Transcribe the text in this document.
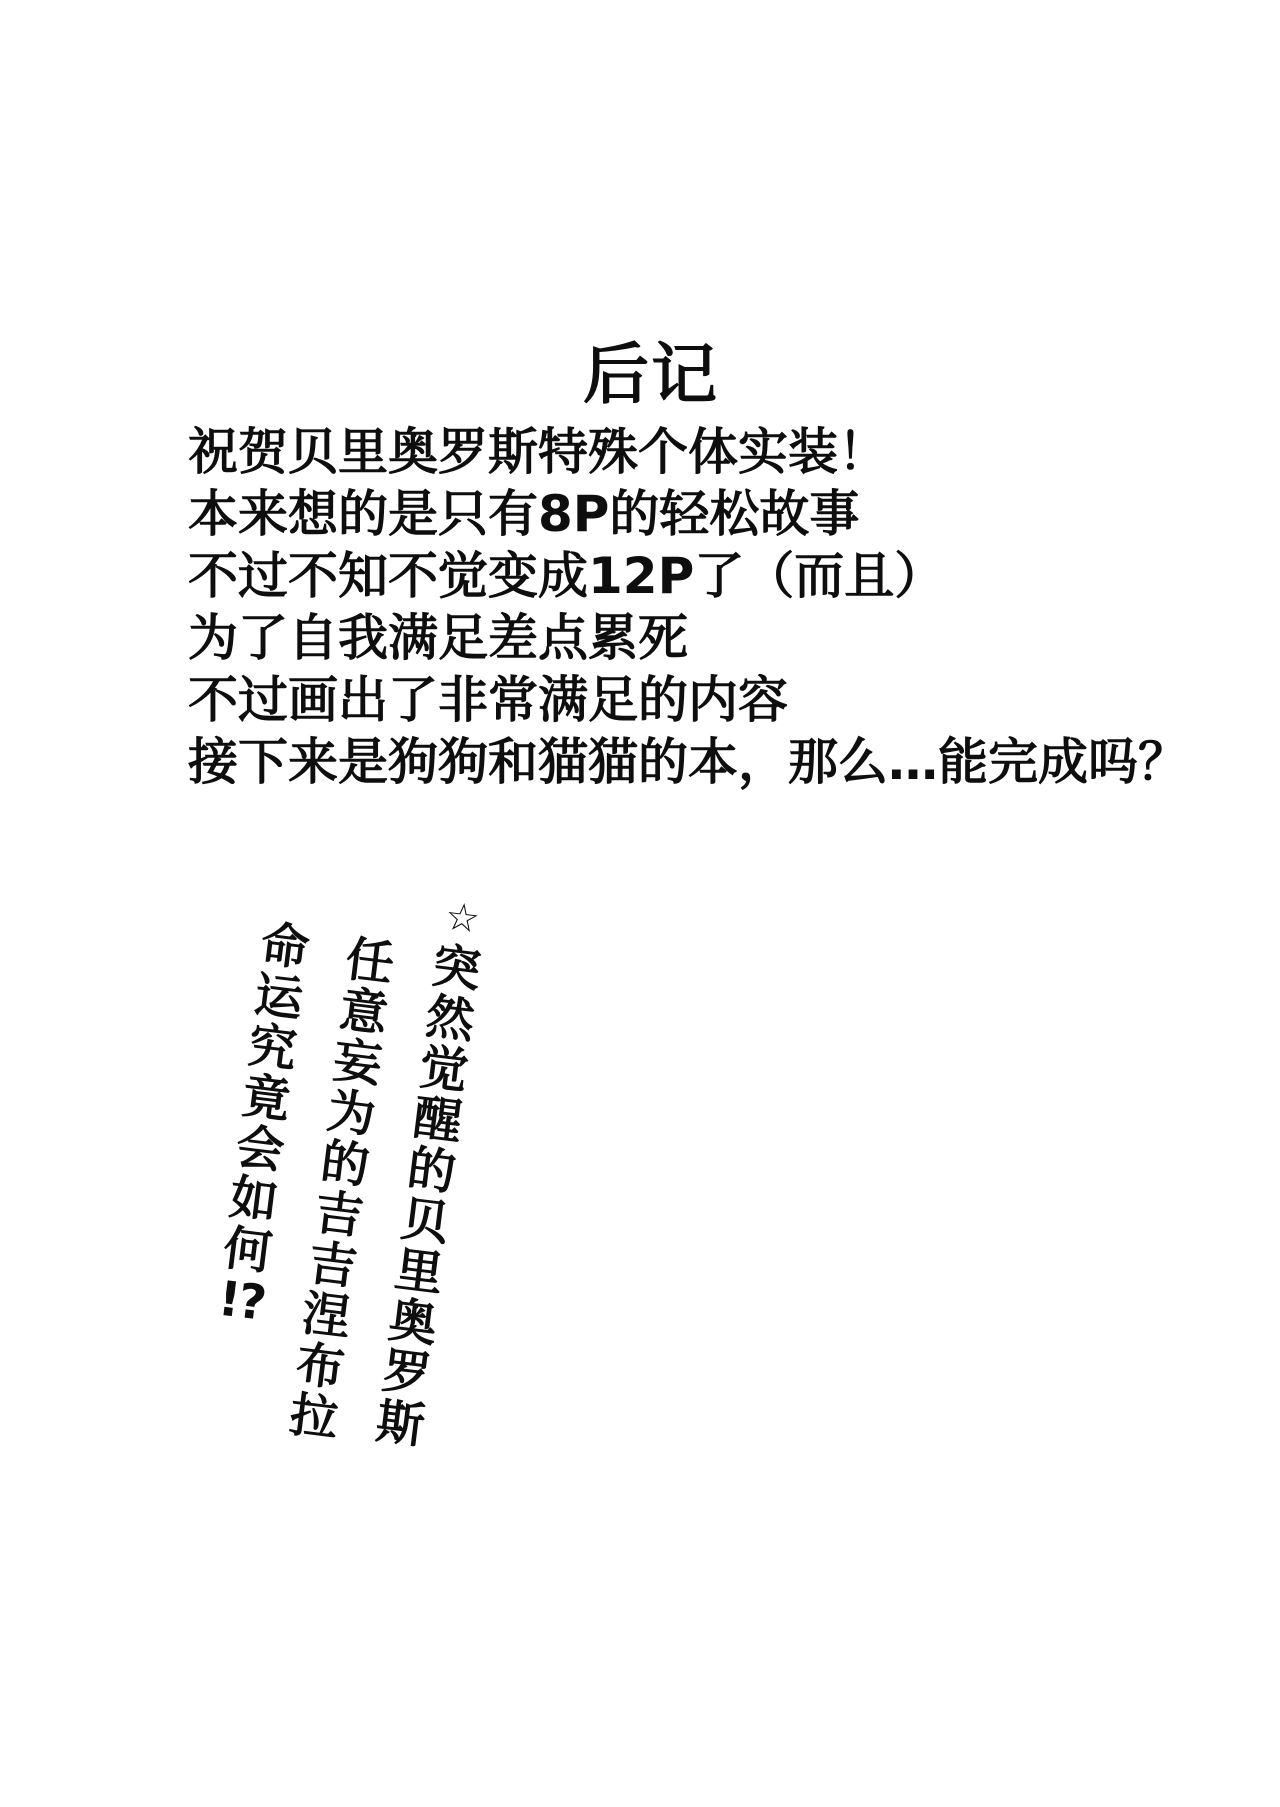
后记
祝贺贝里奥罗斯特殊个体实装！
本来想的是只有8P的轻松故事
不过不知不觉变成12P了（而且）
为了自我满足差点累死
不过画出了非常满足的内容
接下来是狗狗和猫猫的本，那么…能完成吗？
☆突然觉醒的贝里奥罗斯
任意妄为的吉吉涅布拉
命运究竟会如何!?
